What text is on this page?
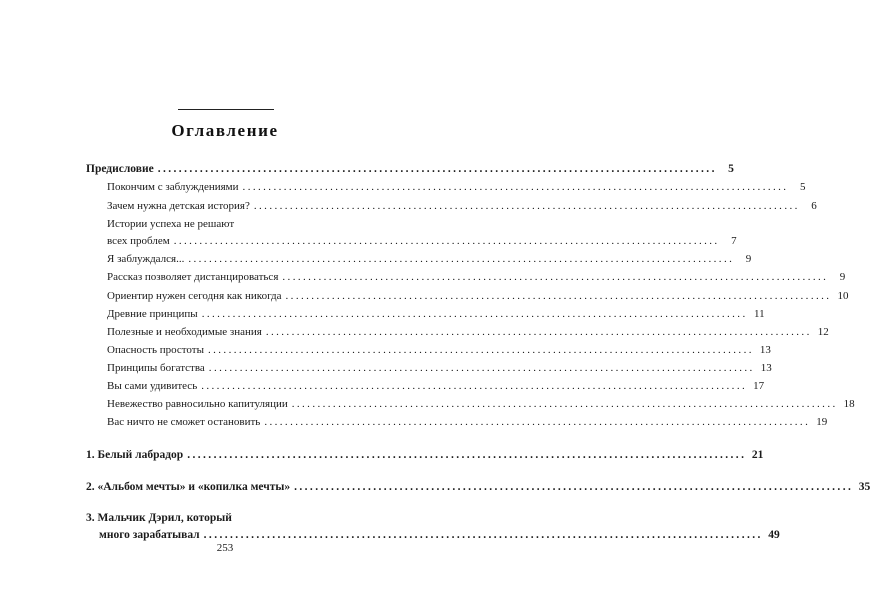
Оглавление
Предисловие .......................................................................................................... 5
Покончим с заблуждениями ..........................................................................................................	5
Зачем нужна детская история? ..........................................................................................................	6
Истории успеха не решают
всех проблем ..........................................................................................................	7
Я заблуждался... ..........................................................................................................	9
Рассказ позволяет дистанцироваться ..........................................................................................................	9
Ориентир нужен сегодня как никогда .......................................................................................................... 10
Древние принципы .......................................................................................................... 11
Полезные и необходимые знания .......................................................................................................... 12
Опасность простоты .......................................................................................................... 13
Принципы богатства .......................................................................................................... 13
Вы сами удивитесь .......................................................................................................... 17
Невежество равносильно капитуляции .......................................................................................................... 18
Вас ничто не сможет остановить .......................................................................................................... 19
1. Белый лабрадор .......................................................................................................... 21
2. «Альбом мечты» и «копилка мечты» .......................................................................................................... 35
3. Мальчик Дэрил, который
много зарабатывал .......................................................................................................... 49
253
